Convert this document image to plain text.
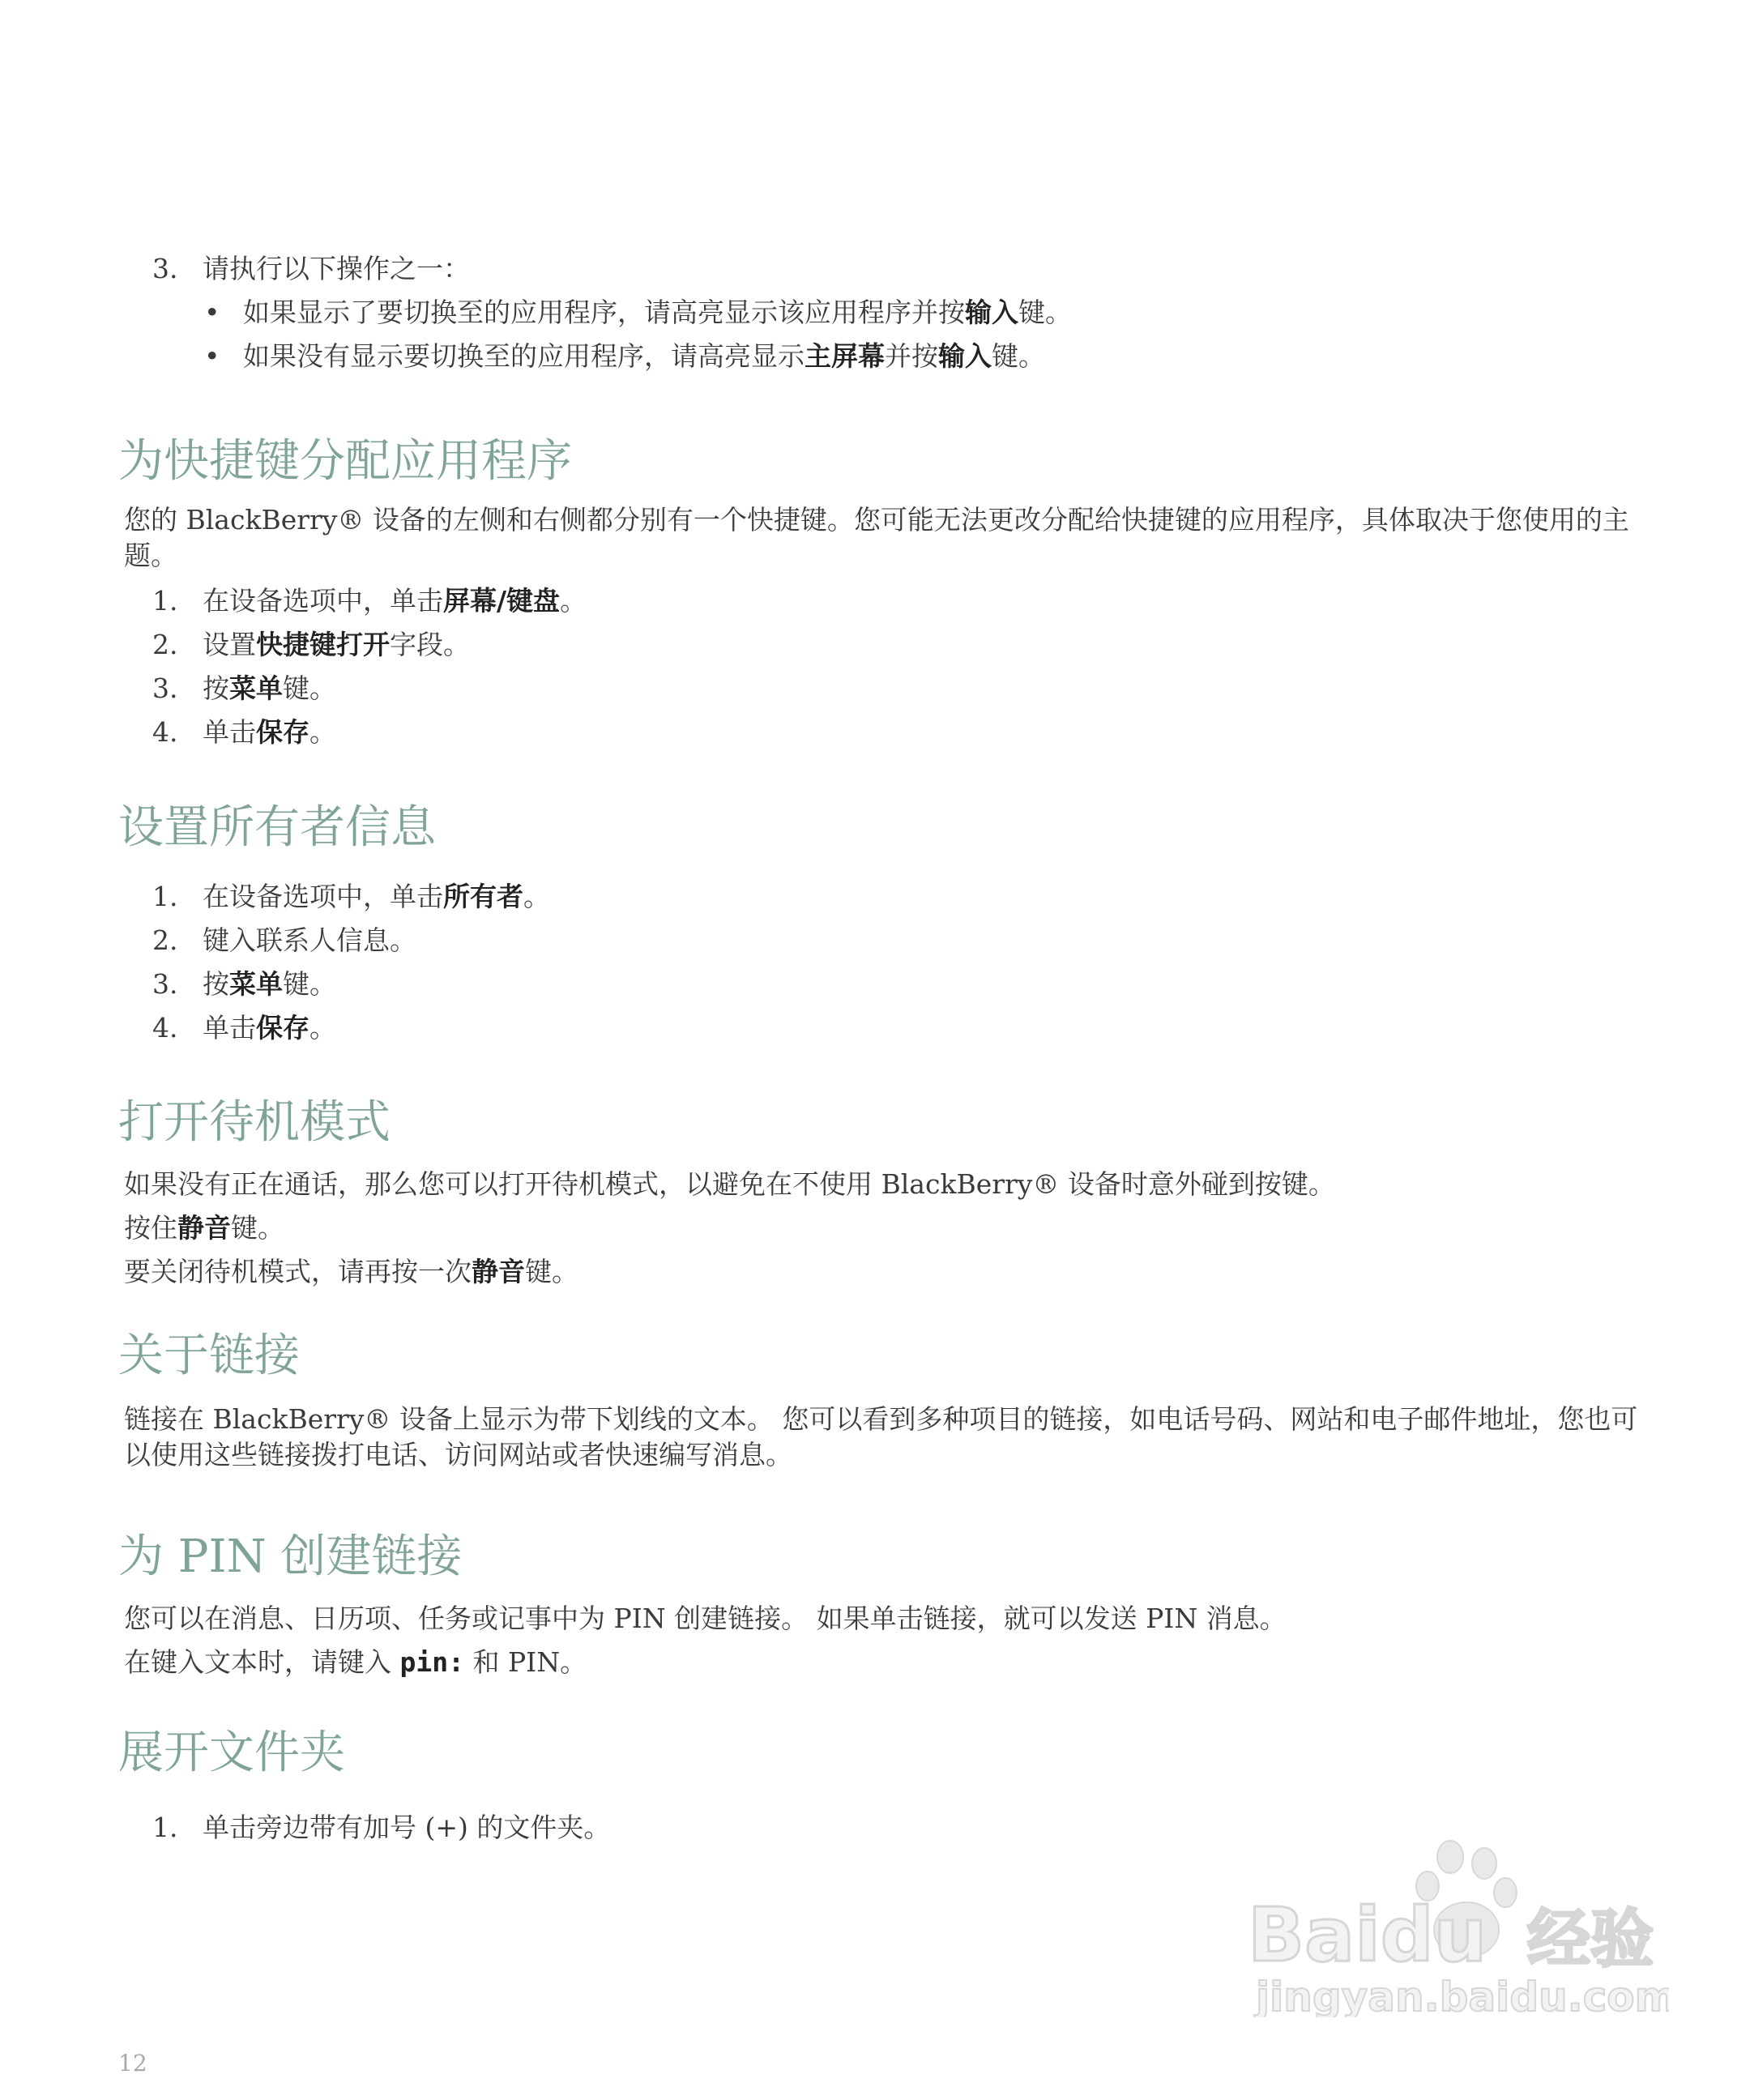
3. 请执行以下操作之一：
• 如果显示了要切换至的应用程序，请高亮显示该应用程序并按输入键。
• 如果没有显示要切换至的应用程序，请高亮显示主屏幕并按输入键。
为快捷键分配应用程序
您的 BlackBerry® 设备的左侧和右侧都分别有一个快捷键。您可能无法更改分配给快捷键的应用程序，具体取决于您使用的主题。
1. 在设备选项中，单击屏幕/键盘。
2. 设置快捷键打开字段。
3. 按菜单键。
4. 单击保存。
设置所有者信息
1. 在设备选项中，单击所有者。
2. 键入联系人信息。
3. 按菜单键。
4. 单击保存。
打开待机模式
如果没有正在通话，那么您可以打开待机模式，以避免在不使用 BlackBerry® 设备时意外碰到按键。
按住静音键。
要关闭待机模式，请再按一次静音键。
关于链接
链接在 BlackBerry® 设备上显示为带下划线的文本。 您可以看到多种项目的链接，如电话号码、网站和电子邮件地址，您也可以使用这些链接拨打电话、访问网站或者快速编写消息。
为 PIN 创建链接
您可以在消息、日历项、任务或记事中为 PIN 创建链接。 如果单击链接，就可以发送 PIN 消息。
在键入文本时，请键入 pin: 和 PIN。
展开文件夹
1. 单击旁边带有加号 (+) 的文件夹。
Baidu 经验
jingyan.baidu.com
12
